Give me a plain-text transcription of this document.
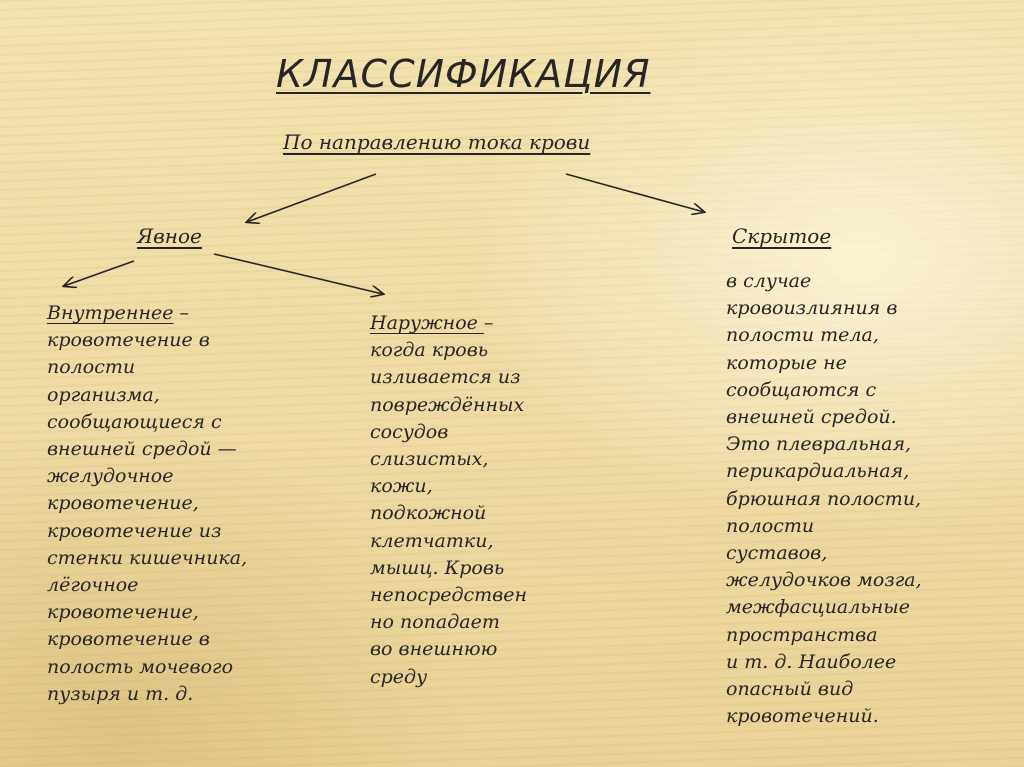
КЛАССИФИКАЦИЯ
По направлению тока крови
Явное	Скрытое
Внутреннее –
кровотечение в
полости
организма,
сообщающиеся с
внешней средой —
желудочное
кровотечение,
кровотечение из
стенки кишечника,
лёгочное
кровотечение,
кровотечение в
полость мочевого
пузыря и т. д.
Наружное –
когда кровь
изливается из
повреждённых
сосудов
слизистых,
кожи,
подкожной
клетчатки,
мышц. Кровь
непосредствен
но попадает
во внешнюю
среду
в случае
кровоизлияния в
полости тела,
которые не
сообщаются с
внешней средой.
Это плевральная,
перикардиальная,
брюшная полости,
полости
суставов,
желудочков мозга,
межфасциальные
пространства
и т. д. Наиболее
опасный вид
кровотечений.
